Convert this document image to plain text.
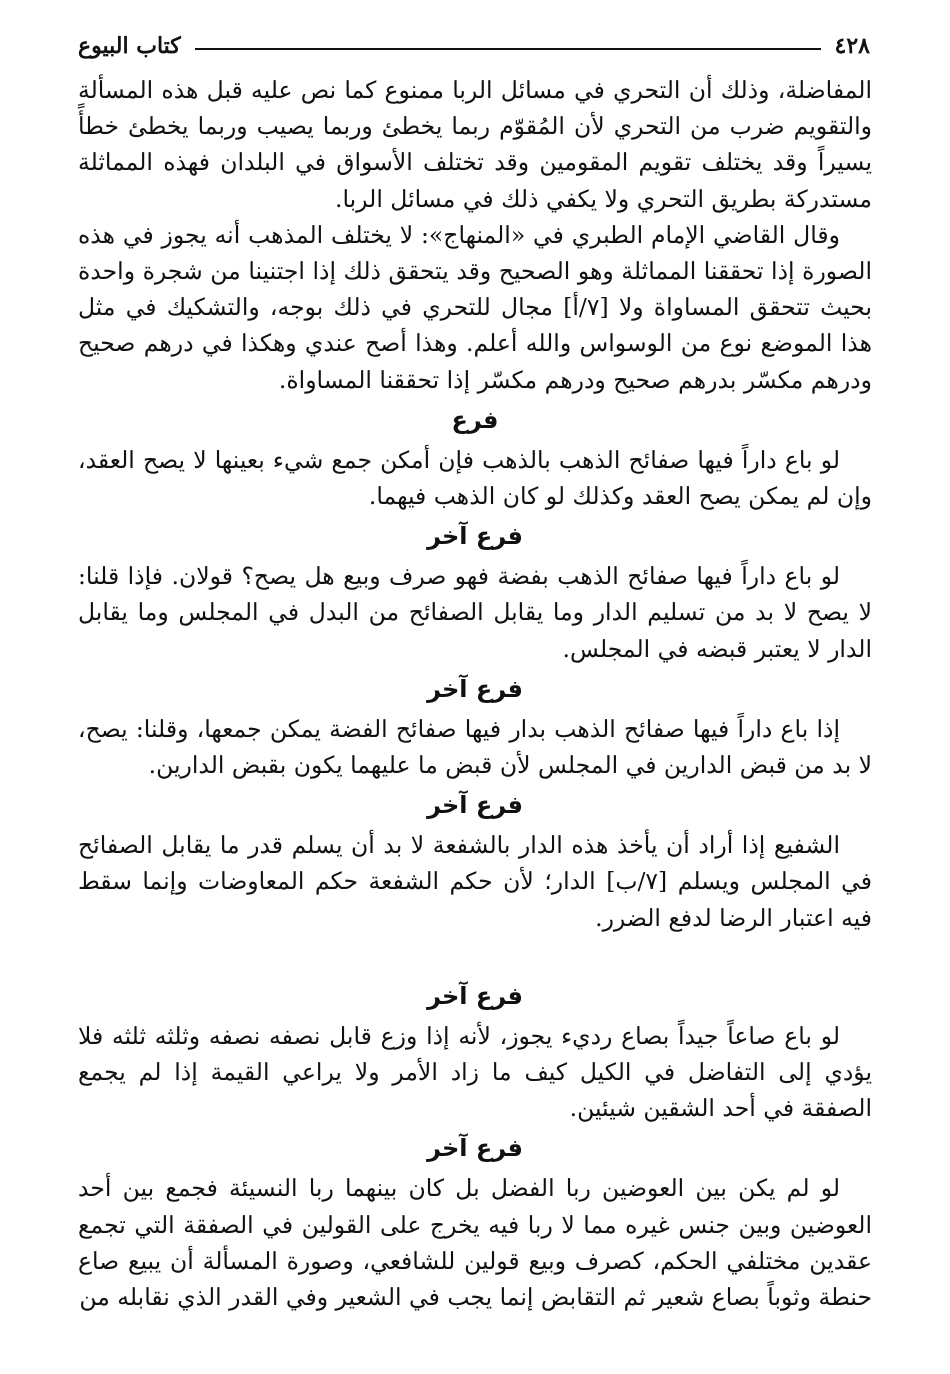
٤٢٨
كتاب البيوع

المفاضلة، وذلك أن التحري في مسائل الربا ممنوع كما نص عليه قبل هذه المسألة والتقويم ضرب من التحري لأن المُقوّم ربما يخطئ وربما يصيب وربما يخطئ خطأً يسيراً وقد يختلف تقويم المقومين وقد تختلف الأسواق في البلدان فهذه المماثلة مستدركة بطريق التحري ولا يكفي ذلك في مسائل الربا.

وقال القاضي الإمام الطبري في «المنهاج»: لا يختلف المذهب أنه يجوز في هذه الصورة إذا تحققنا المماثلة وهو الصحيح وقد يتحقق ذلك إذا اجتنينا من شجرة واحدة بحيث تتحقق المساواة ولا [٧/أ] مجال للتحري في ذلك بوجه، والتشكيك في مثل هذا الموضع نوع من الوسواس والله أعلم. وهذا أصح عندي وهكذا في درهم صحيح ودرهم مكسّر بدرهم صحيح ودرهم مكسّر إذا تحققنا المساواة.

فرع

لو باع داراً فيها صفائح الذهب بالذهب فإن أمكن جمع شيء بعينها لا يصح العقد، وإن لم يمكن يصح العقد وكذلك لو كان الذهب فيهما.

فرع آخر

لو باع داراً فيها صفائح الذهب بفضة فهو صرف وبيع هل يصح؟ قولان. فإذا قلنا: لا يصح لا بد من تسليم الدار وما يقابل الصفائح من البدل في المجلس وما يقابل الدار لا يعتبر قبضه في المجلس.

فرع آخر

إذا باع داراً فيها صفائح الذهب بدار فيها صفائح الفضة يمكن جمعها، وقلنا: يصح، لا بد من قبض الدارين في المجلس لأن قبض ما عليهما يكون بقبض الدارين.

فرع آخر

الشفيع إذا أراد أن يأخذ هذه الدار بالشفعة لا بد أن يسلم قدر ما يقابل الصفائح في المجلس ويسلم [٧/ب] الدار؛ لأن حكم الشفعة حكم المعاوضات وإنما سقط فيه اعتبار الرضا لدفع الضرر.

فرع آخر

لو باع صاعاً جيداً بصاع رديء يجوز، لأنه إذا وزع قابل نصفه نصفه وثلثه ثلثه فلا يؤدي إلى التفاضل في الكيل كيف ما زاد الأمر ولا يراعي القيمة إذا لم يجمع الصفقة في أحد الشقين شيئين.

فرع آخر

لو لم يكن بين العوضين ربا الفضل بل كان بينهما ربا النسيئة فجمع بين أحد العوضين وبين جنس غيره مما لا ربا فيه يخرج على القولين في الصفقة التي تجمع عقدين مختلفي الحكم، كصرف وبيع قولين للشافعي، وصورة المسألة أن يبيع صاع حنطة وثوباً بصاع شعير ثم التقابض إنما يجب في الشعير وفي القدر الذي نقابله من
